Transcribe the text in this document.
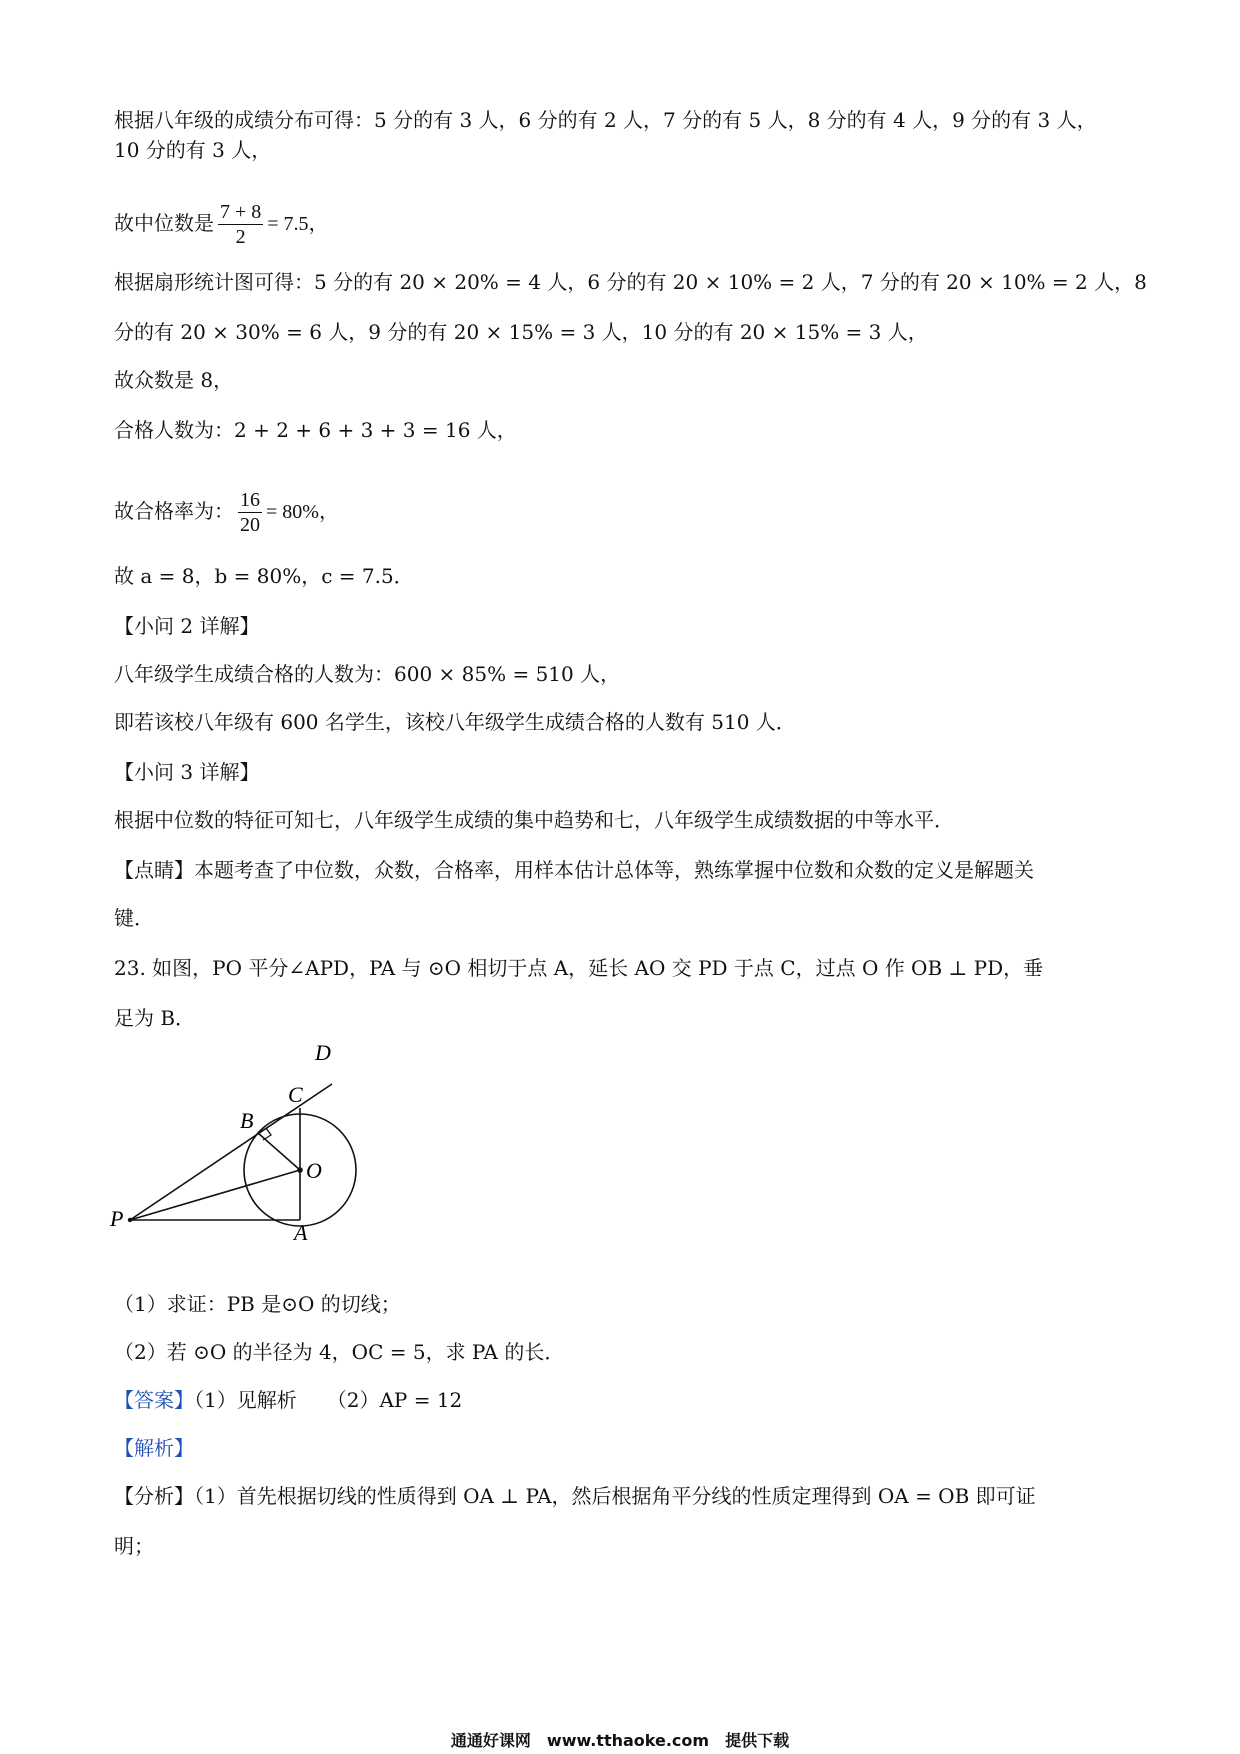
根据八年级的成绩分布可得：5 分的有 3 人，6 分的有 2 人，7 分的有 5 人，8 分的有 4 人，9 分的有 3 人，
10 分的有 3 人，
故中位数是 $\frac{7 + 8}{2} = 7.5$，
根据扇形统计图可得：5 分的有 20 × 20% = 4 人，6 分的有 20 × 10% = 2 人，7 分的有 20 × 10% = 2 人，8
分的有 20 × 30% = 6 人，9 分的有 20 × 15% = 3 人，10 分的有 20 × 15% = 3 人，
故众数是 8，
合格人数为：2 + 2 + 6 + 3 + 3 = 16 人，
故合格率为： $\frac{16}{20} = 80\%$，
故 a = 8，b = 80%，c = 7.5．
【小问 2 详解】
八年级学生成绩合格的人数为：600 × 85% = 510 人，
即若该校八年级有 600 名学生，该校八年级学生成绩合格的人数有 510 人．
【小问 3 详解】
根据中位数的特征可知七，八年级学生成绩的集中趋势和七，八年级学生成绩数据的中等水平．
【点睛】本题考查了中位数，众数，合格率，用样本估计总体等，熟练掌握中位数和众数的定义是解题关
键．
23. 如图，PO 平分∠APD，PA 与 ⊙O 相切于点 A，延长 AO 交 PD 于点 C，过点 O 作 OB ⊥ PD，垂
足为 B．
D
C
B
O
P
A
（1）求证：PB 是⊙O 的切线；
（2）若 ⊙O 的半径为 4，OC = 5，求 PA 的长．
【答案】（1）见解析　　（2）AP = 12
【解析】
【分析】（1）首先根据切线的性质得到 OA ⊥ PA，然后根据角平分线的性质定理得到 OA = OB 即可证
明；
通通好课网　www.tthaoke.com　提供下载
